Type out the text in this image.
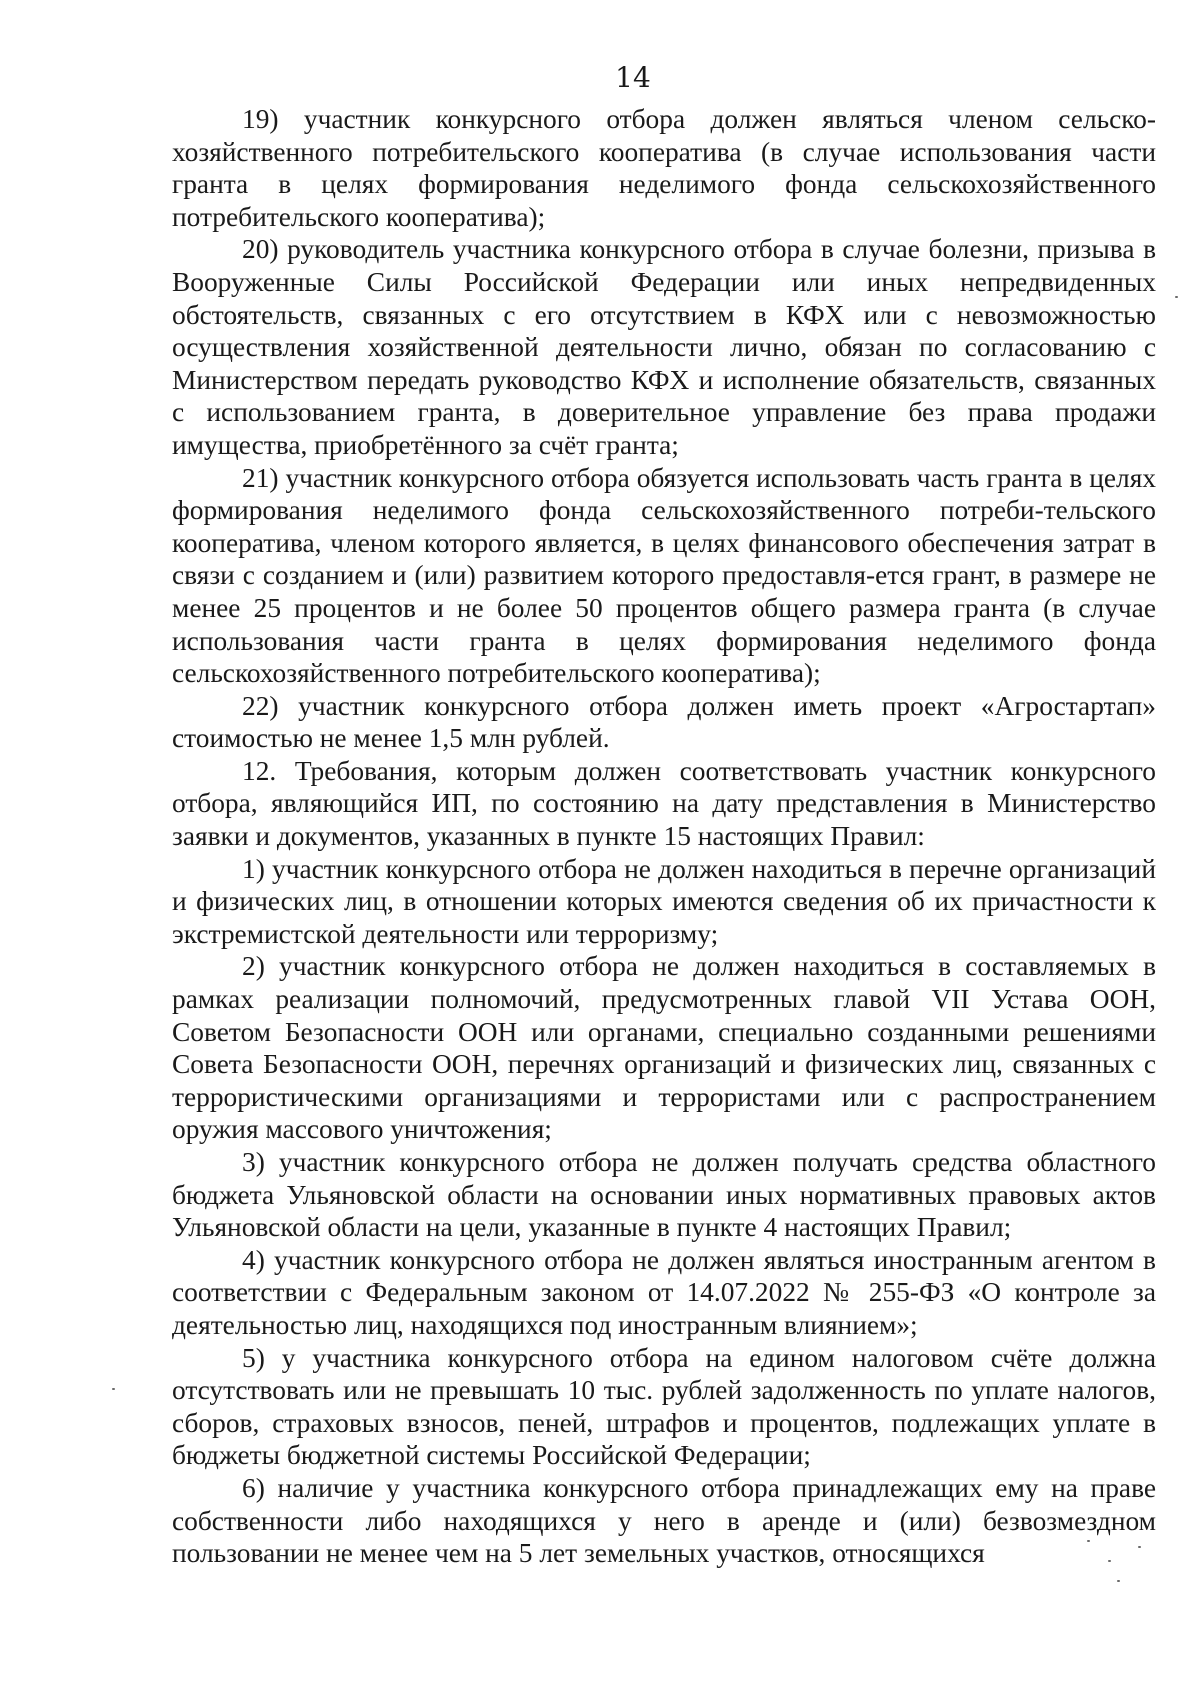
14

19) участник конкурсного отбора должен являться членом сельско-хозяйственного потребительского кооператива (в случае использования части гранта в целях формирования неделимого фонда сельскохозяйственного потребительского кооператива);

20) руководитель участника конкурсного отбора в случае болезни, призыва в Вооруженные Силы Российской Федерации или иных непредвиденных обстоятельств, связанных с его отсутствием в КФХ или с невозможностью осуществления хозяйственной деятельности лично, обязан по согласованию с Министерством передать руководство КФХ и исполнение обязательств, связанных с использованием гранта, в доверительное управление без права продажи имущества, приобретённого за счёт гранта;

21) участник конкурсного отбора обязуется использовать часть гранта в целях формирования неделимого фонда сельскохозяйственного потреби-тельского кооператива, членом которого является, в целях финансового обеспечения затрат в связи с созданием и (или) развитием которого предоставля-ется грант, в размере не менее 25 процентов и не более 50 процентов общего размера гранта (в случае использования части гранта в целях формирования неделимого фонда сельскохозяйственного потребительского кооператива);

22) участник конкурсного отбора должен иметь проект «Агростартап» стоимостью не менее 1,5 млн рублей.

12. Требования, которым должен соответствовать участник конкурсного отбора, являющийся ИП, по состоянию на дату представления в Министерство заявки и документов, указанных в пункте 15 настоящих Правил:

1) участник конкурсного отбора не должен находиться в перечне организаций и физических лиц, в отношении которых имеются сведения об их причастности к экстремистской деятельности или терроризму;

2) участник конкурсного отбора не должен находиться в составляемых в рамках реализации полномочий, предусмотренных главой VII Устава ООН, Советом Безопасности ООН или органами, специально созданными решениями Совета Безопасности ООН, перечнях организаций и физических лиц, связанных с террористическими организациями и террористами или с распространением оружия массового уничтожения;

3) участник конкурсного отбора не должен получать средства областного бюджета Ульяновской области на основании иных нормативных правовых актов Ульяновской области на цели, указанные в пункте 4 настоящих Правил;

4) участник конкурсного отбора не должен являться иностранным агентом в соответствии с Федеральным законом от 14.07.2022 № 255-ФЗ «О контроле за деятельностью лиц, находящихся под иностранным влиянием»;

5) у участника конкурсного отбора на едином налоговом счёте должна отсутствовать или не превышать 10 тыс. рублей задолженность по уплате налогов, сборов, страховых взносов, пеней, штрафов и процентов, подлежащих уплате в бюджеты бюджетной системы Российской Федерации;

6) наличие у участника конкурсного отбора принадлежащих ему на праве собственности либо находящихся у него в аренде и (или) безвозмездном пользовании не менее чем на 5 лет земельных участков, относящихся
